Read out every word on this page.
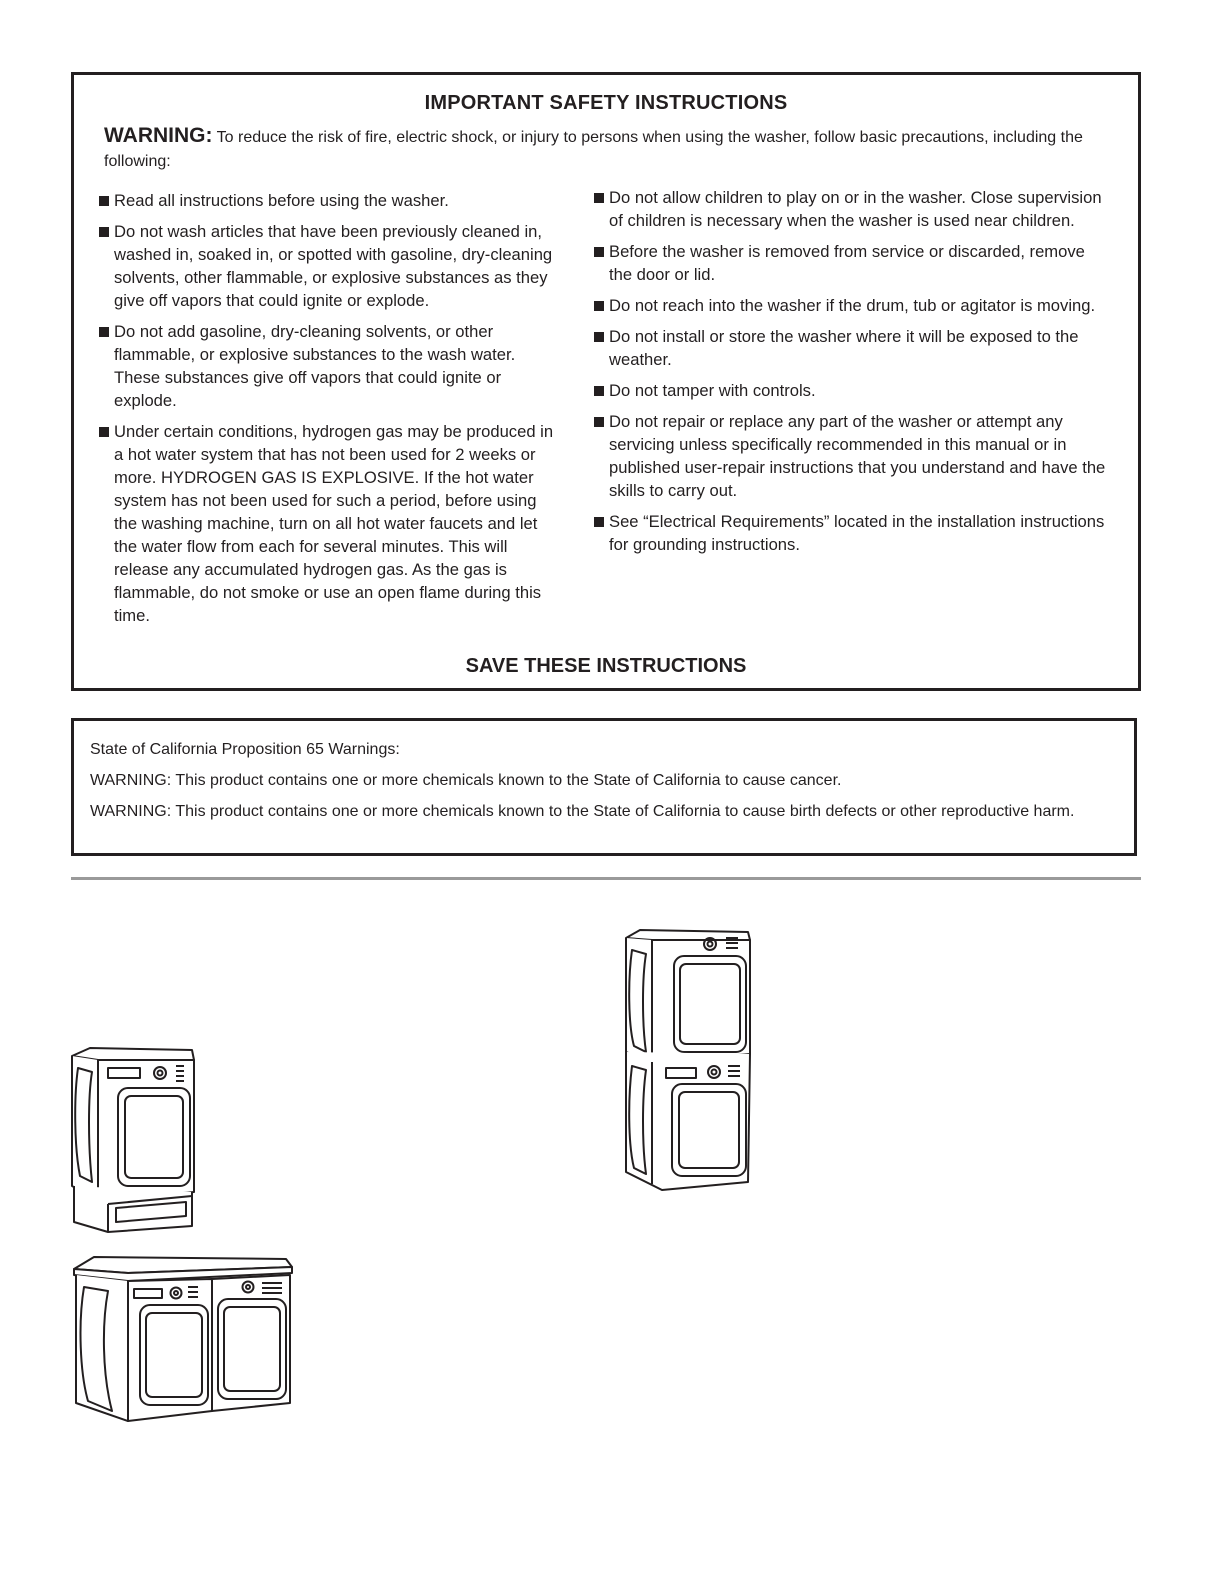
IMPORTANT SAFETY INSTRUCTIONS
WARNING: To reduce the risk of fire, electric shock, or injury to persons when using the washer, follow basic precautions, including the following:
Read all instructions before using the washer.
Do not wash articles that have been previously cleaned in, washed in, soaked in, or spotted with gasoline, dry-cleaning solvents, other flammable, or explosive substances as they give off vapors that could ignite or explode.
Do not add gasoline, dry-cleaning solvents, or other flammable, or explosive substances to the wash water. These substances give off vapors that could ignite or explode.
Under certain conditions, hydrogen gas may be produced in a hot water system that has not been used for 2 weeks or more. HYDROGEN GAS IS EXPLOSIVE. If the hot water system has not been used for such a period, before using the washing machine, turn on all hot water faucets and let the water flow from each for several minutes. This will release any accumulated hydrogen gas. As the gas is flammable, do not smoke or use an open flame during this time.
Do not allow children to play on or in the washer. Close supervision of children is necessary when the washer is used near children.
Before the washer is removed from service or discarded, remove the door or lid.
Do not reach into the washer if the drum, tub or agitator is moving.
Do not install or store the washer where it will be exposed to the weather.
Do not tamper with controls.
Do not repair or replace any part of the washer or attempt any servicing unless specifically recommended in this manual or in published user-repair instructions that you understand and have the skills to carry out.
See “Electrical Requirements” located in the installation instructions for grounding instructions.
SAVE THESE INSTRUCTIONS

State of California Proposition 65 Warnings:

WARNING: This product contains one or more chemicals known to the State of California to cause cancer.

WARNING: This product contains one or more chemicals known to the State of California to cause birth defects or other reproductive harm.
